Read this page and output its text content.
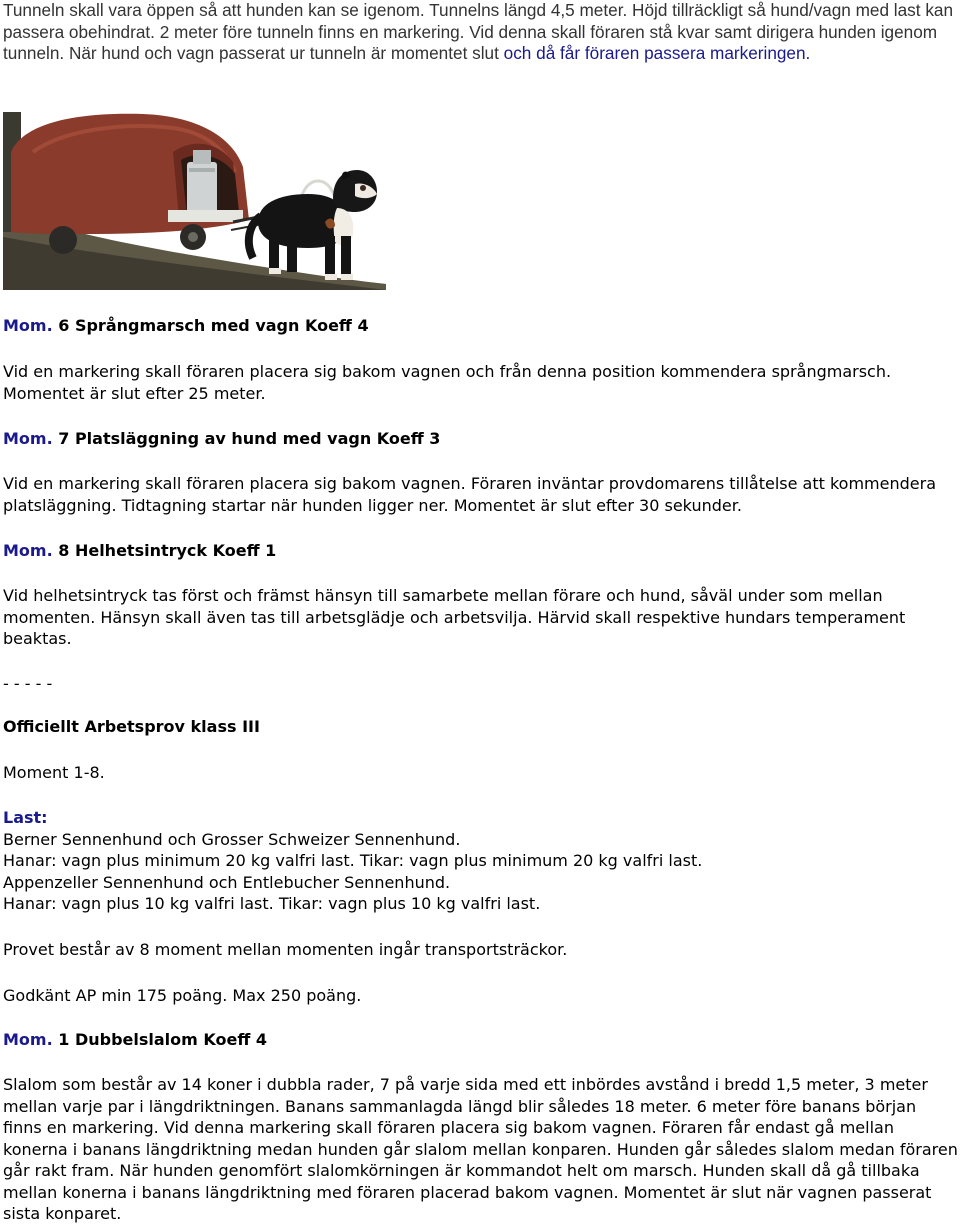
Tunneln skall vara öppen så att hunden kan se igenom. Tunnelns längd 4,5 meter. Höjd tillräckligt så hund/vagn med last kan passera obehindrat. 2 meter före tunneln finns en markering. Vid denna skall föraren stå kvar samt dirigera hunden igenom tunneln. När hund och vagn passerat ur tunneln är momentet slut och då får föraren passera markeringen.

Mom. 6 Språngmarsch med vagn Koeff 4

Vid en markering skall föraren placera sig bakom vagnen och från denna position kommendera språngmarsch. Momentet är slut efter 25 meter.

Mom. 7 Platsläggning av hund med vagn Koeff 3

Vid en markering skall föraren placera sig bakom vagnen. Föraren inväntar provdomarens tillåtelse att kommendera platsläggning. Tidtagning startar när hunden ligger ner. Momentet är slut efter 30 sekunder.

Mom. 8 Helhetsintryck Koeff 1

Vid helhetsintryck tas först och främst hänsyn till samarbete mellan förare och hund, såväl under som mellan momenten. Hänsyn skall även tas till arbetsglädje och arbetsvilja. Härvid skall respektive hundars temperament beaktas.

- - - - -

Officiellt Arbetsprov klass III

Moment 1-8.

Last:

Berner Sennenhund och Grosser Schweizer Sennenhund.

Hanar: vagn plus minimum 20 kg valfri last. Tikar: vagn plus minimum 20 kg valfri last.

Appenzeller Sennenhund och Entlebucher Sennenhund.

Hanar: vagn plus 10 kg valfri last. Tikar: vagn plus 10 kg valfri last.

Provet består av 8 moment mellan momenten ingår transportsträckor.

Godkänt AP min 175 poäng. Max 250 poäng.

Mom. 1 Dubbelslalom Koeff 4

Slalom som består av 14 koner i dubbla rader, 7 på varje sida med ett inbördes avstånd i bredd 1,5 meter, 3 meter mellan varje par i längdriktningen. Banans sammanlagda längd blir således 18 meter. 6 meter före banans början finns en markering. Vid denna markering skall föraren placera sig bakom vagnen. Föraren får endast gå mellan konerna i banans längdriktning medan hunden går slalom mellan konparen. Hunden går således slalom medan föraren går rakt fram. När hunden genomfört slalomkörningen är kommandot helt om marsch. Hunden skall då gå tillbaka mellan konerna i banans längdriktning med föraren placerad bakom vagnen. Momentet är slut när vagnen passerat sista konparet.
